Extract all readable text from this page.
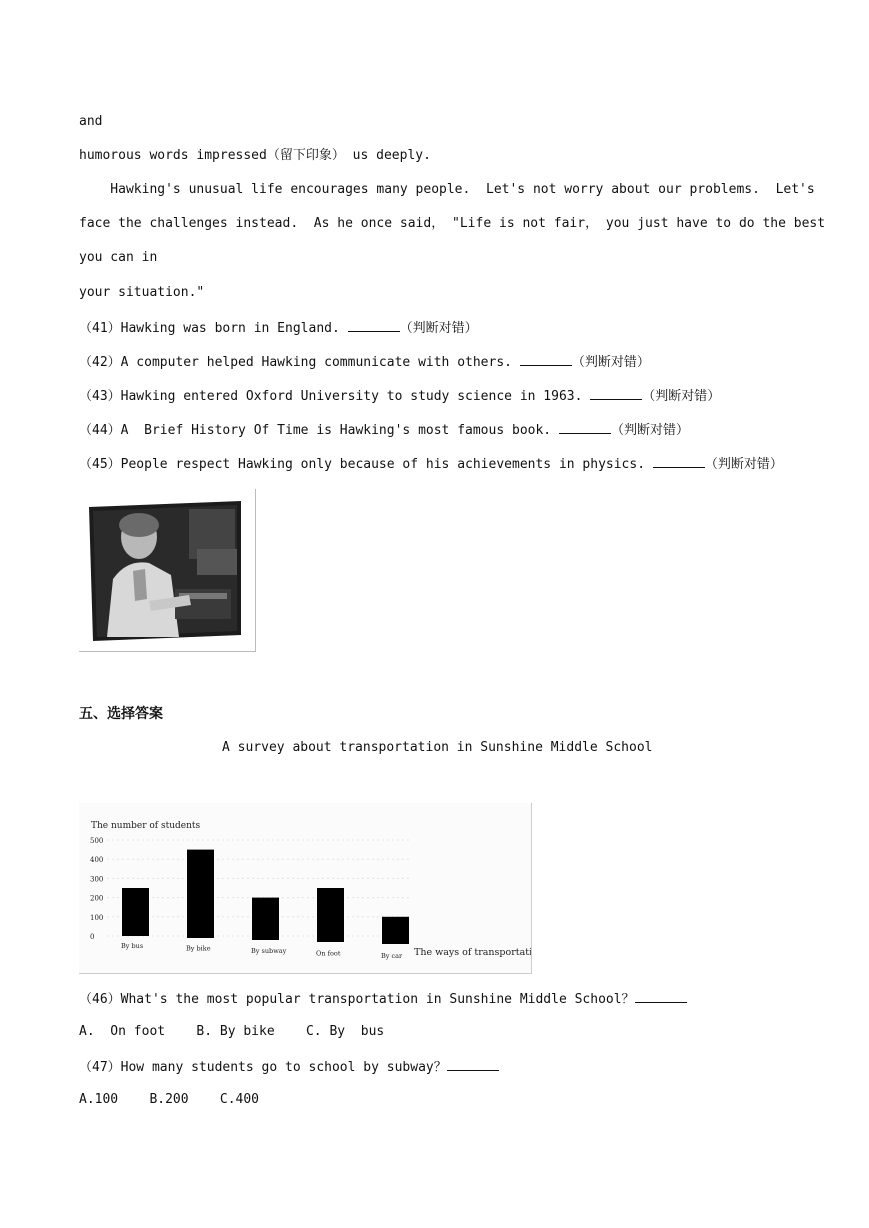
and
humorous words impressed（留下印象） us deeply.
Hawking's unusual life encourages many people.  Let's not worry about our problems.  Let's
face the challenges instead.  As he once said， "Life is not fair， you just have to do the best
you can in
your situation."
（41）Hawking was born in England.	（判断对错）
（42）A computer helped Hawking communicate with others.	（判断对错）
（43）Hawking entered Oxford University to study science in 1963.	（判断对错）
（44）A  Brief History Of Time is Hawking's most famous book.	（判断对错）
（45）People respect Hawking only because of his achievements in physics.	（判断对错）
五、选择答案
A survey about transportation in Sunshine Middle School
The number of students
500
400
300
200
100
0
By bus	By bike	By subway	On foot	By car The ways of transportation
（46）What's the most popular transportation in Sunshine Middle School？
A.  On foot    B. By bike    C. By  bus
（47）How many students go to school by subway？
A.100    B.200    C.400
